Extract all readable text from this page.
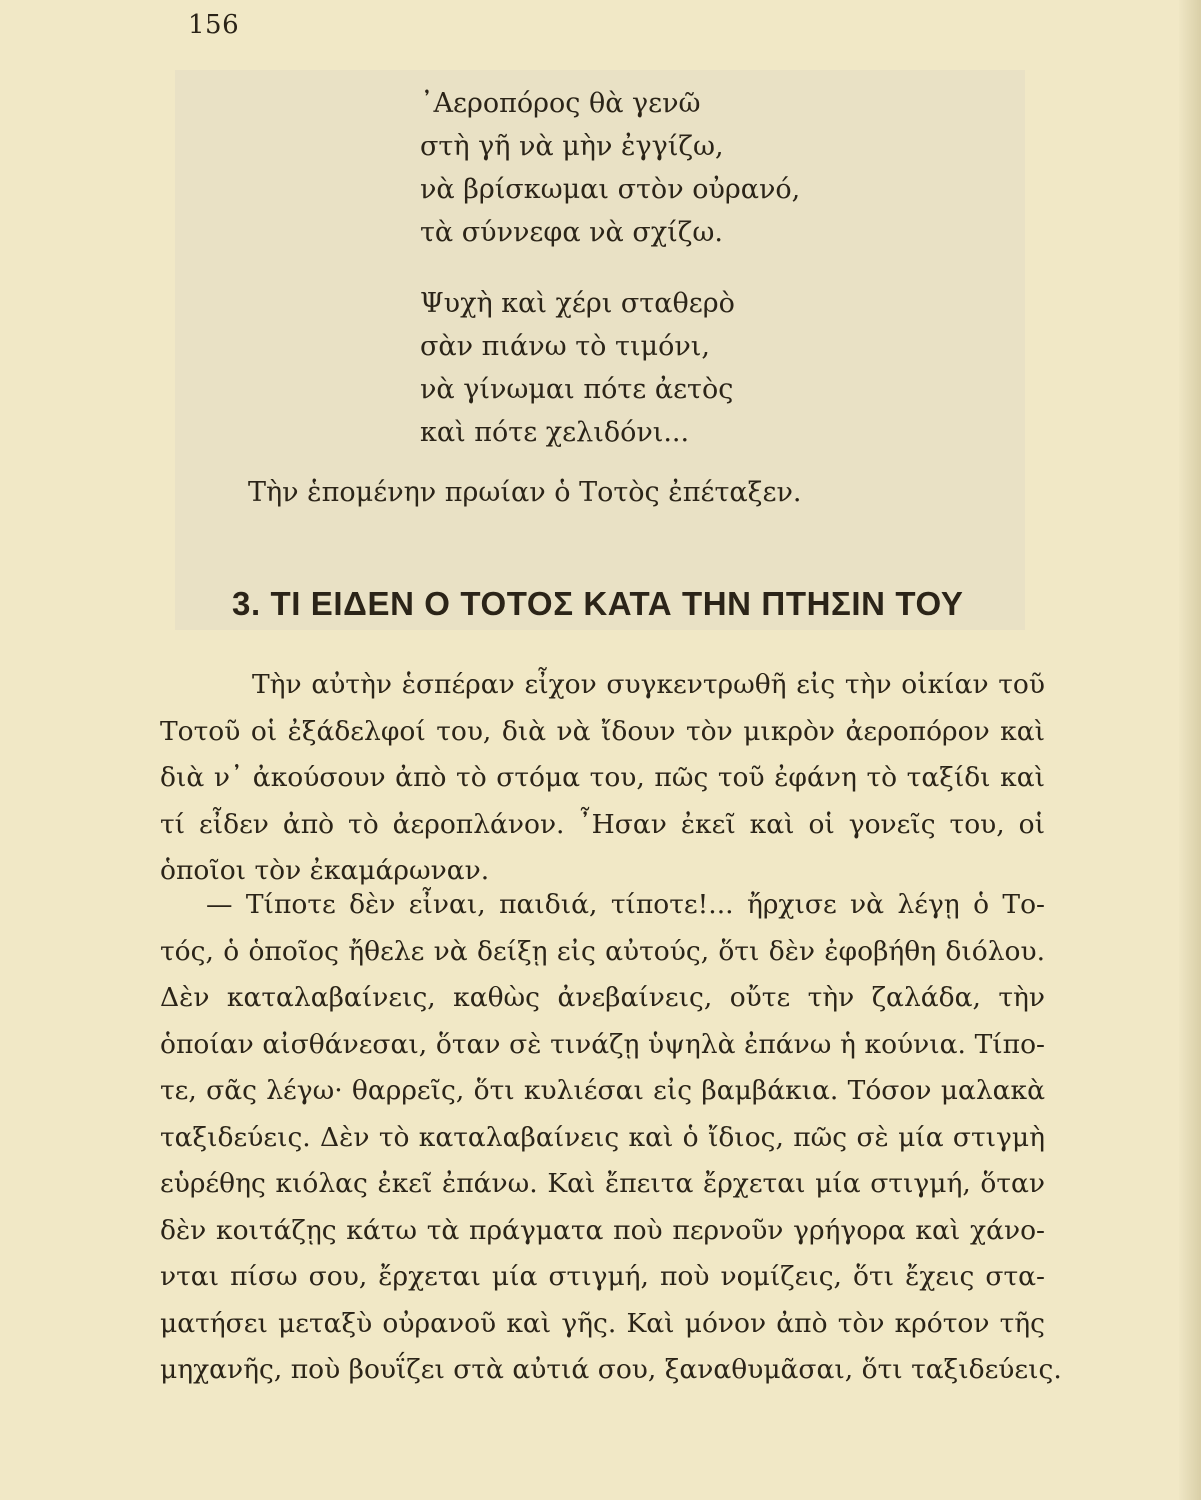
156
᾿Αεροπόρος θὰ γενῶ
στὴ γῆ νὰ μὴν ἐγγίζω,
νὰ βρίσκωμαι στὸν οὐρανό,
τὰ σύννεφα νὰ σχίζω.
Ψυχὴ καὶ χέρι σταθερὸ
σὰν πιάνω τὸ τιμόνι,
νὰ γίνωμαι πότε ἀετὸς
καὶ πότε χελιδόνι...
Τὴν ἑπομένην πρωίαν ὁ Τοτὸς ἐπέταξεν.
3. ΤΙ ΕΙΔΕΝ Ο ΤΟΤΟΣ ΚΑΤΑ ΤΗΝ ΠΤΗΣΙΝ ΤΟΥ
Τὴν αὐτὴν ἑσπέραν εἶχον συγκεντρωθῆ εἰς τὴν οἰκίαν τοῦ
Τοτοῦ οἱ ἐξάδελφοί του, διὰ νὰ ἴδουν τὸν μικρὸν ἀεροπόρον καὶ
διὰ ν᾿ ἀκούσουν ἀπὸ τὸ στόμα του, πῶς τοῦ ἐφάνη τὸ ταξίδι καὶ
τί εἶδεν ἀπὸ τὸ ἀεροπλάνον. ῏Ησαν ἐκεῖ καὶ οἱ γονεῖς του, οἱ
ὁποῖοι τὸν ἐκαμάρωναν.
— Τίποτε δὲν εἶναι, παιδιά, τίποτε!... ἤρχισε νὰ λέγῃ ὁ Το-
τός, ὁ ὁποῖος ἤθελε νὰ δείξῃ εἰς αὐτούς, ὅτι δὲν ἐφοβήθη διόλου.
Δὲν καταλαβαίνεις, καθὼς ἀνεβαίνεις, οὔτε τὴν ζαλάδα, τὴν
ὁποίαν αἰσθάνεσαι, ὅταν σὲ τινάζῃ ὑψηλὰ ἐπάνω ἡ κούνια. Τίπο-
τε, σᾶς λέγω· θαρρεῖς, ὅτι κυλιέσαι εἰς βαμβάκια. Τόσον μαλακὰ
ταξιδεύεις. Δὲν τὸ καταλαβαίνεις καὶ ὁ ἴδιος, πῶς σὲ μία στιγμὴ
εὑρέθης κιόλας ἐκεῖ ἐπάνω. Καὶ ἔπειτα ἔρχεται μία στιγμή, ὅταν
δὲν κοιτάζῃς κάτω τὰ πράγματα ποὺ περνοῦν γρήγορα καὶ χάνο-
νται πίσω σου, ἔρχεται μία στιγμή, ποὺ νομίζεις, ὅτι ἔχεις στα-
ματήσει μεταξὺ οὐρανοῦ καὶ γῆς. Καὶ μόνον ἀπὸ τὸν κρότον τῆς
μηχανῆς, ποὺ βουΐζει στὰ αὐτιά σου, ξαναθυμᾶσαι, ὅτι ταξιδεύεις.
